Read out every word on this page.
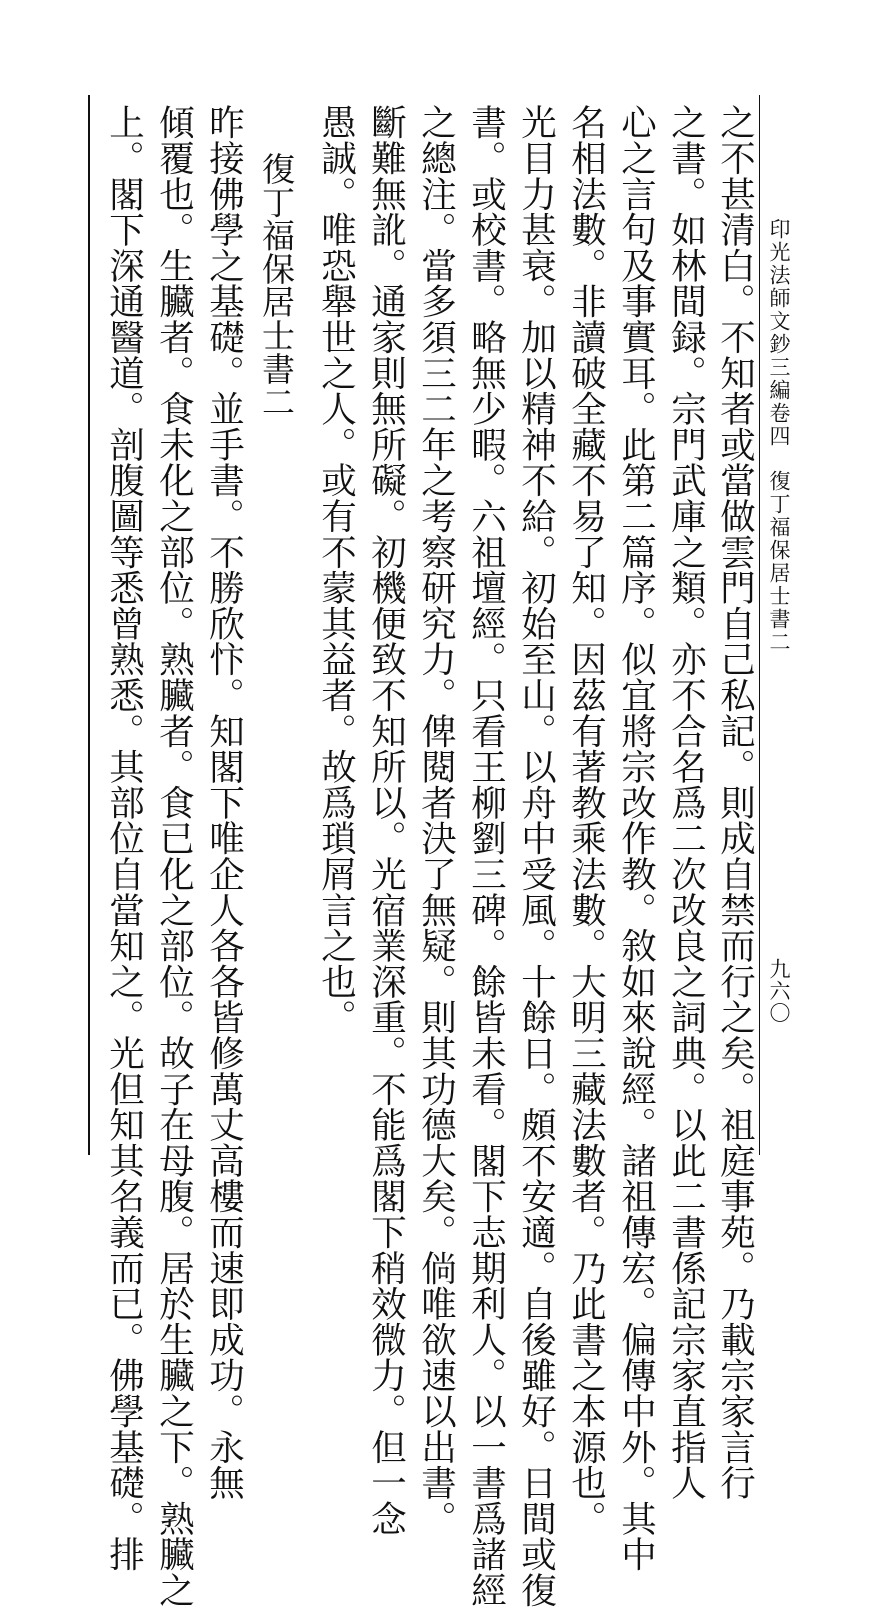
印光法師文鈔三編卷四
復丁福保居士書二
九六〇
之不甚清白。不知者或當做雲門自己私記。則成自禁而行之矣。祖庭事苑。乃載宗家言行
之書。如林間録。宗門武庫之類。亦不合名爲二次改良之詞典。以此二書係記宗家直指人
心之言句及事實耳。此第二篇序。似宜將宗改作教。敘如來說經。諸祖傳宏。偏傳中外。其中
名相法數。非讀破全藏不易了知。因茲有著教乘法數。大明三藏法數者。乃此書之本源也。
光目力甚衰。加以精神不給。初始至山。以舟中受風。十餘日。頗不安適。自後雖好。日間或復
書。或校書。略無少暇。六祖壇經。只看王柳劉三碑。餘皆未看。閣下志期利人。以一書爲諸經
之總注。當多須三二年之考察研究力。俾閱者決了無疑。則其功德大矣。倘唯欲速以出書。
斷難無訛。通家則無所礙。初機便致不知所以。光宿業深重。不能爲閣下稍效微力。但一念
愚誠。唯恐舉世之人。或有不蒙其益者。故爲瑣屑言之也。
復丁福保居士書二
昨接佛學之基礎。並手書。不勝欣忭。知閣下唯企人各各皆修萬丈高樓而速即成功。永無
傾覆也。生臟者。食未化之部位。熟臟者。食已化之部位。故子在母腹。居於生臟之下。熟臟之
上。閣下深通醫道。剖腹圖等悉曾熟悉。其部位自當知之。光但知其名義而已。佛學基礎。排
